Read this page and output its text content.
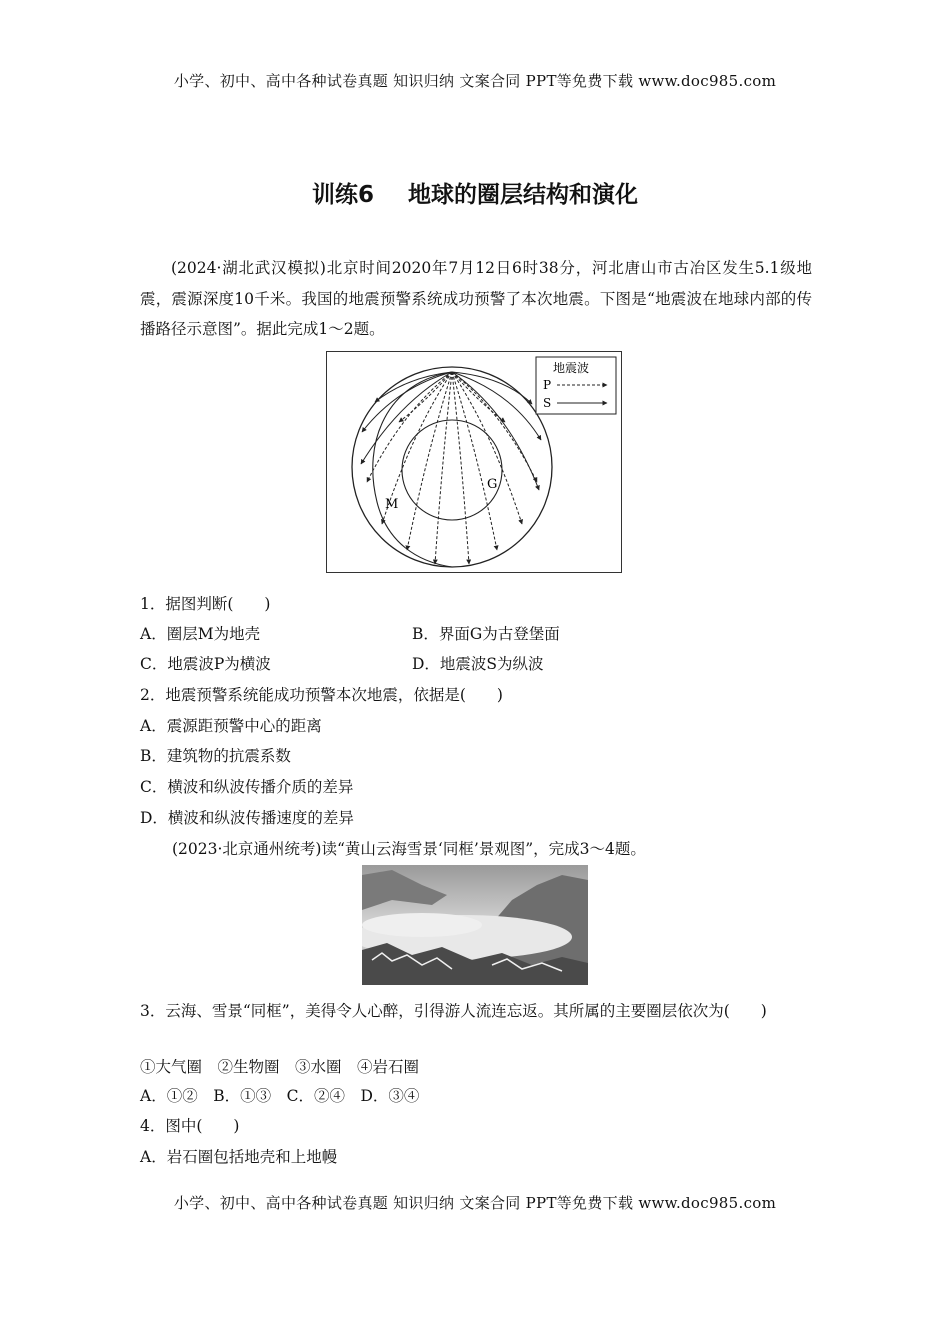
小学、初中、高中各种试卷真题 知识归纳 文案合同 PPT等免费下载 www.doc985.com
训练6 地球的圈层结构和演化
(2024·湖北武汉模拟)北京时间2020年7月12日6时38分，河北唐山市古冶区发生5.1级地震，震源深度10千米。我国的地震预警系统成功预警了本次地震。下图是“地震波在地球内部的传播路径示意图”。据此完成1～2题。
M
G
地震波
P
S
1．据图判断(　　)
A．圈层M为地壳	B．界面G为古登堡面
C．地震波P为横波	D．地震波S为纵波
2．地震预警系统能成功预警本次地震，依据是(　　)
A．震源距预警中心的距离
B．建筑物的抗震系数
C．横波和纵波传播介质的差异
D．横波和纵波传播速度的差异
(2023·北京通州统考)读“黄山云海雪景‘同框’景观图”，完成3～4题。
3．云海、雪景“同框”，美得令人心醉，引得游人流连忘返。其所属的主要圈层依次为(　　)
①大气圈　②生物圈　③水圈　④岩石圈
A．①②　B．①③　C．②④　D．③④
4．图中(　　)
A．岩石圈包括地壳和上地幔
小学、初中、高中各种试卷真题 知识归纳 文案合同 PPT等免费下载 www.doc985.com
